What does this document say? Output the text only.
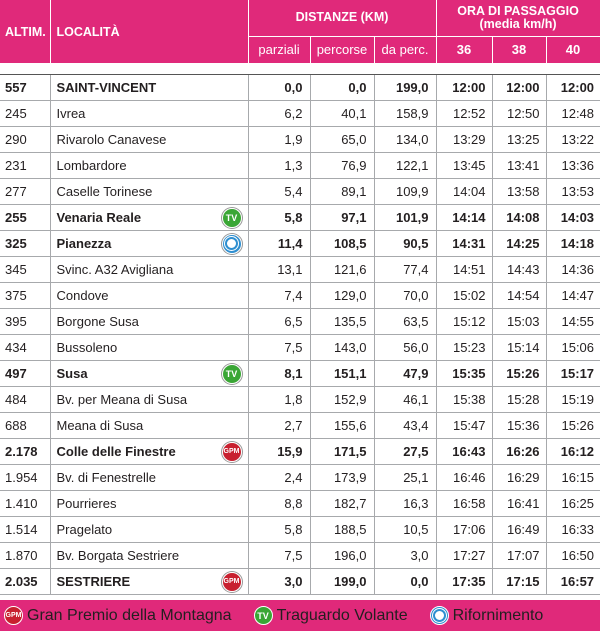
ALTIM.	LOCALITÀ	DISTANZE (KM)			ORA DI PASSAGGIO
(media km/h)		
		parziali	percorse	da perc.	36	38	40

557	SAINT-VINCENT	0,0	0,0	199,0	12:00	12:00	12:00
245	Ivrea	6,2	40,1	158,9	12:52	12:50	12:48
290	Rivarolo Canavese	1,9	65,0	134,0	13:29	13:25	13:22
231	Lombardore	1,3	76,9	122,1	13:45	13:41	13:36
277	Caselle Torinese	5,4	89,1	109,9	14:04	13:58	13:53
255	Venaria Reale TV	5,8	97,1	101,9	14:14	14:08	14:03
325	Pianezza	11,4	108,5	90,5	14:31	14:25	14:18
345	Svinc. A32 Avigliana	13,1	121,6	77,4	14:51	14:43	14:36
375	Condove	7,4	129,0	70,0	15:02	14:54	14:47
395	Borgone Susa	6,5	135,5	63,5	15:12	15:03	14:55
434	Bussoleno	7,5	143,0	56,0	15:23	15:14	15:06
497	Susa TV	8,1	151,1	47,9	15:35	15:26	15:17
484	Bv. per Meana di Susa	1,8	152,9	46,1	15:38	15:28	15:19
688	Meana di Susa	2,7	155,6	43,4	15:47	15:36	15:26
2.178	Colle delle Finestre GPM	15,9	171,5	27,5	16:43	16:26	16:12
1.954	Bv. di Fenestrelle	2,4	173,9	25,1	16:46	16:29	16:15
1.410	Pourrieres	8,8	182,7	16,3	16:58	16:41	16:25
1.514	Pragelato	5,8	188,5	10,5	17:06	16:49	16:33
1.870	Bv. Borgata Sestriere	7,5	196,0	3,0	17:27	17:07	16:50
2.035	SESTRIERE GPM	3,0	199,0	0,0	17:35	17:15	16:57
GPM Gran Premio della Montagna	TV Traguardo Volante	Rifornimento
